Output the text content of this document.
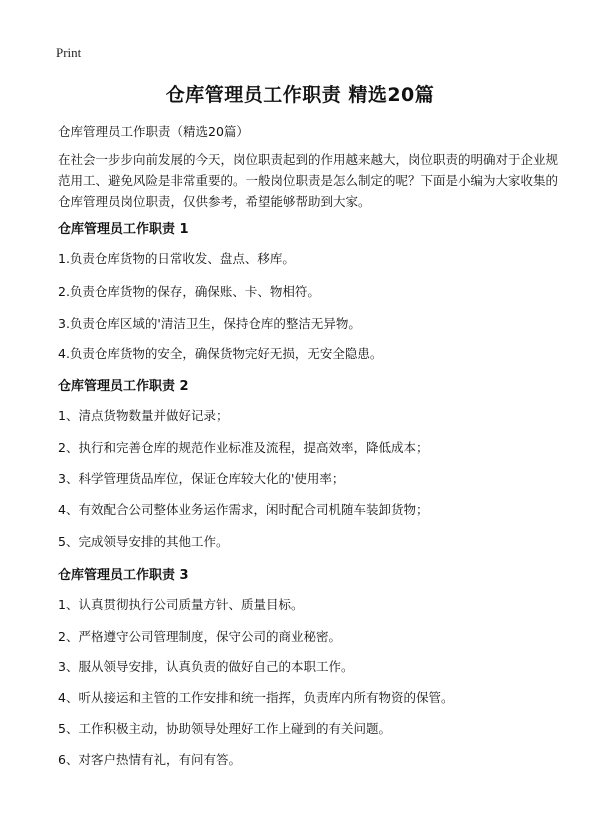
Print
仓库管理员工作职责 精选20篇
仓库管理员工作职责（精选20篇）
在社会一步步向前发展的今天，岗位职责起到的作用越来越大，岗位职责的明确对于企业规范用工、避免风险是非常重要的。一般岗位职责是怎么制定的呢？下面是小编为大家收集的仓库管理员岗位职责，仅供参考，希望能够帮助到大家。
仓库管理员工作职责 1
1.负责仓库货物的日常收发、盘点、移库。
2.负责仓库货物的保存，确保账、卡、物相符。
3.负责仓库区域的'清洁卫生，保持仓库的整洁无异物。
4.负责仓库货物的安全，确保货物完好无损，无安全隐患。
仓库管理员工作职责 2
1、清点货物数量并做好记录；
2、执行和完善仓库的规范作业标准及流程，提高效率，降低成本；
3、科学管理货品库位，保证仓库较大化的'使用率；
4、有效配合公司整体业务运作需求，闲时配合司机随车装卸货物；
5、完成领导安排的其他工作。
仓库管理员工作职责 3
1、认真贯彻执行公司质量方针、质量目标。
2、严格遵守公司管理制度，保守公司的商业秘密。
3、服从领导安排，认真负责的做好自己的本职工作。
4、听从接运和主管的工作安排和统一指挥，负责库内所有物资的保管。
5、工作积极主动，协助领导处理好工作上碰到的有关问题。
6、对客户热情有礼，有问有答。
